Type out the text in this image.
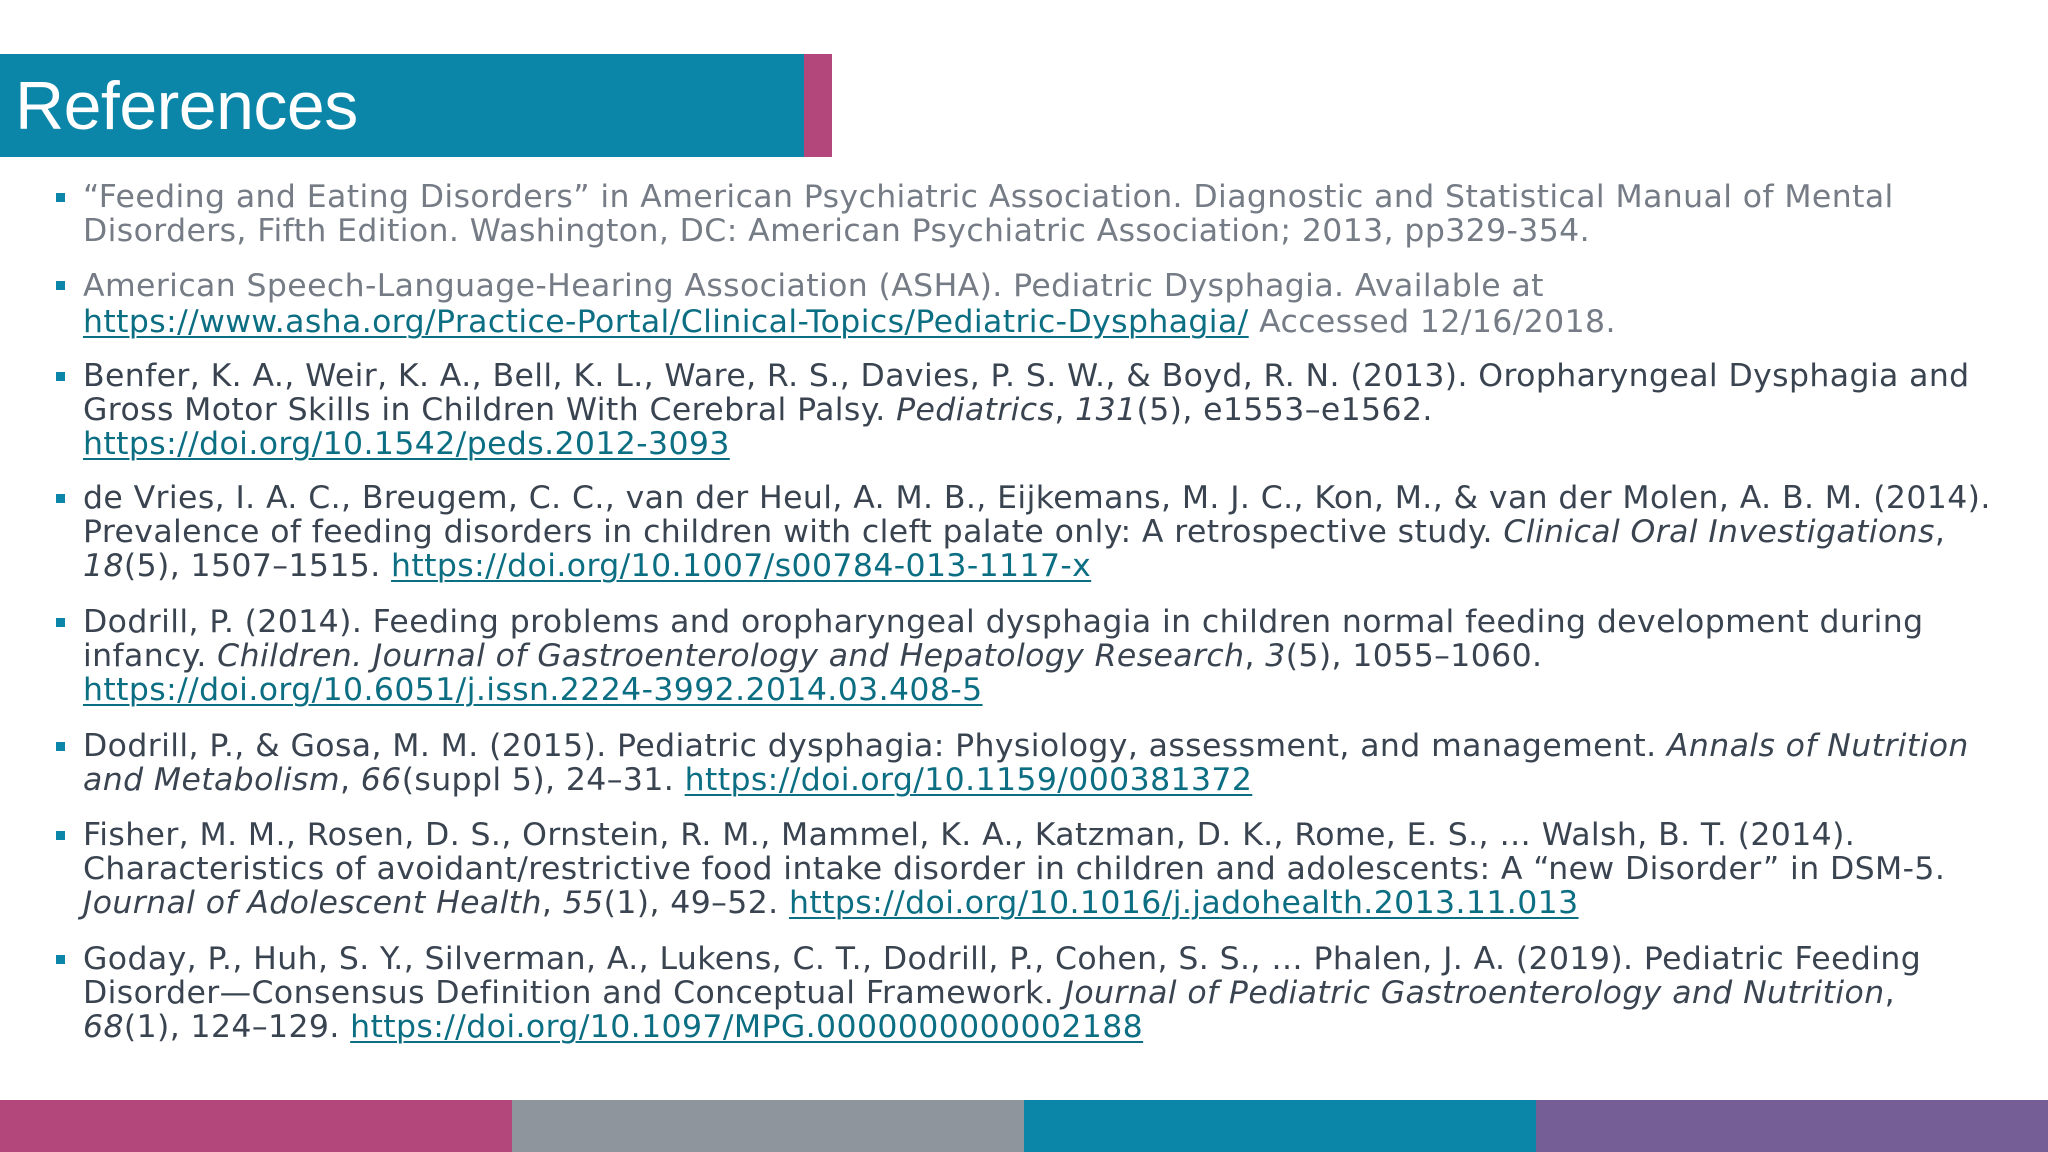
References
“Feeding and Eating Disorders” in American Psychiatric Association. Diagnostic and Statistical Manual of Mental Disorders, Fifth Edition. Washington, DC: American Psychiatric Association; 2013, pp329-354.
American Speech-Language-Hearing Association (ASHA). Pediatric Dysphagia. Available at https://www.asha.org/Practice-Portal/Clinical-Topics/Pediatric-Dysphagia/ Accessed 12/16/2018.
Benfer, K. A., Weir, K. A., Bell, K. L., Ware, R. S., Davies, P. S. W., & Boyd, R. N. (2013). Oropharyngeal Dysphagia and Gross Motor Skills in Children With Cerebral Palsy. Pediatrics, 131(5), e1553–e1562. https://doi.org/10.1542/peds.2012-3093
de Vries, I. A. C., Breugem, C. C., van der Heul, A. M. B., Eijkemans, M. J. C., Kon, M., & van der Molen, A. B. M. (2014). Prevalence of feeding disorders in children with cleft palate only: A retrospective study. Clinical Oral Investigations, 18(5), 1507–1515. https://doi.org/10.1007/s00784-013-1117-x
Dodrill, P. (2014). Feeding problems and oropharyngeal dysphagia in children normal feeding development during infancy. Children. Journal of Gastroenterology and Hepatology Research, 3(5), 1055–1060. https://doi.org/10.6051/j.issn.2224-3992.2014.03.408-5
Dodrill, P., & Gosa, M. M. (2015). Pediatric dysphagia: Physiology, assessment, and management. Annals of Nutrition and Metabolism, 66(suppl 5), 24–31. https://doi.org/10.1159/000381372
Fisher, M. M., Rosen, D. S., Ornstein, R. M., Mammel, K. A., Katzman, D. K., Rome, E. S., … Walsh, B. T. (2014). Characteristics of avoidant/restrictive food intake disorder in children and adolescents: A “new Disorder” in DSM-5. Journal of Adolescent Health, 55(1), 49–52. https://doi.org/10.1016/j.jadohealth.2013.11.013
Goday, P., Huh, S. Y., Silverman, A., Lukens, C. T., Dodrill, P., Cohen, S. S., … Phalen, J. A. (2019). Pediatric Feeding Disorder—Consensus Definition and Conceptual Framework. Journal of Pediatric Gastroenterology and Nutrition, 68(1), 124–129. https://doi.org/10.1097/MPG.0000000000002188
